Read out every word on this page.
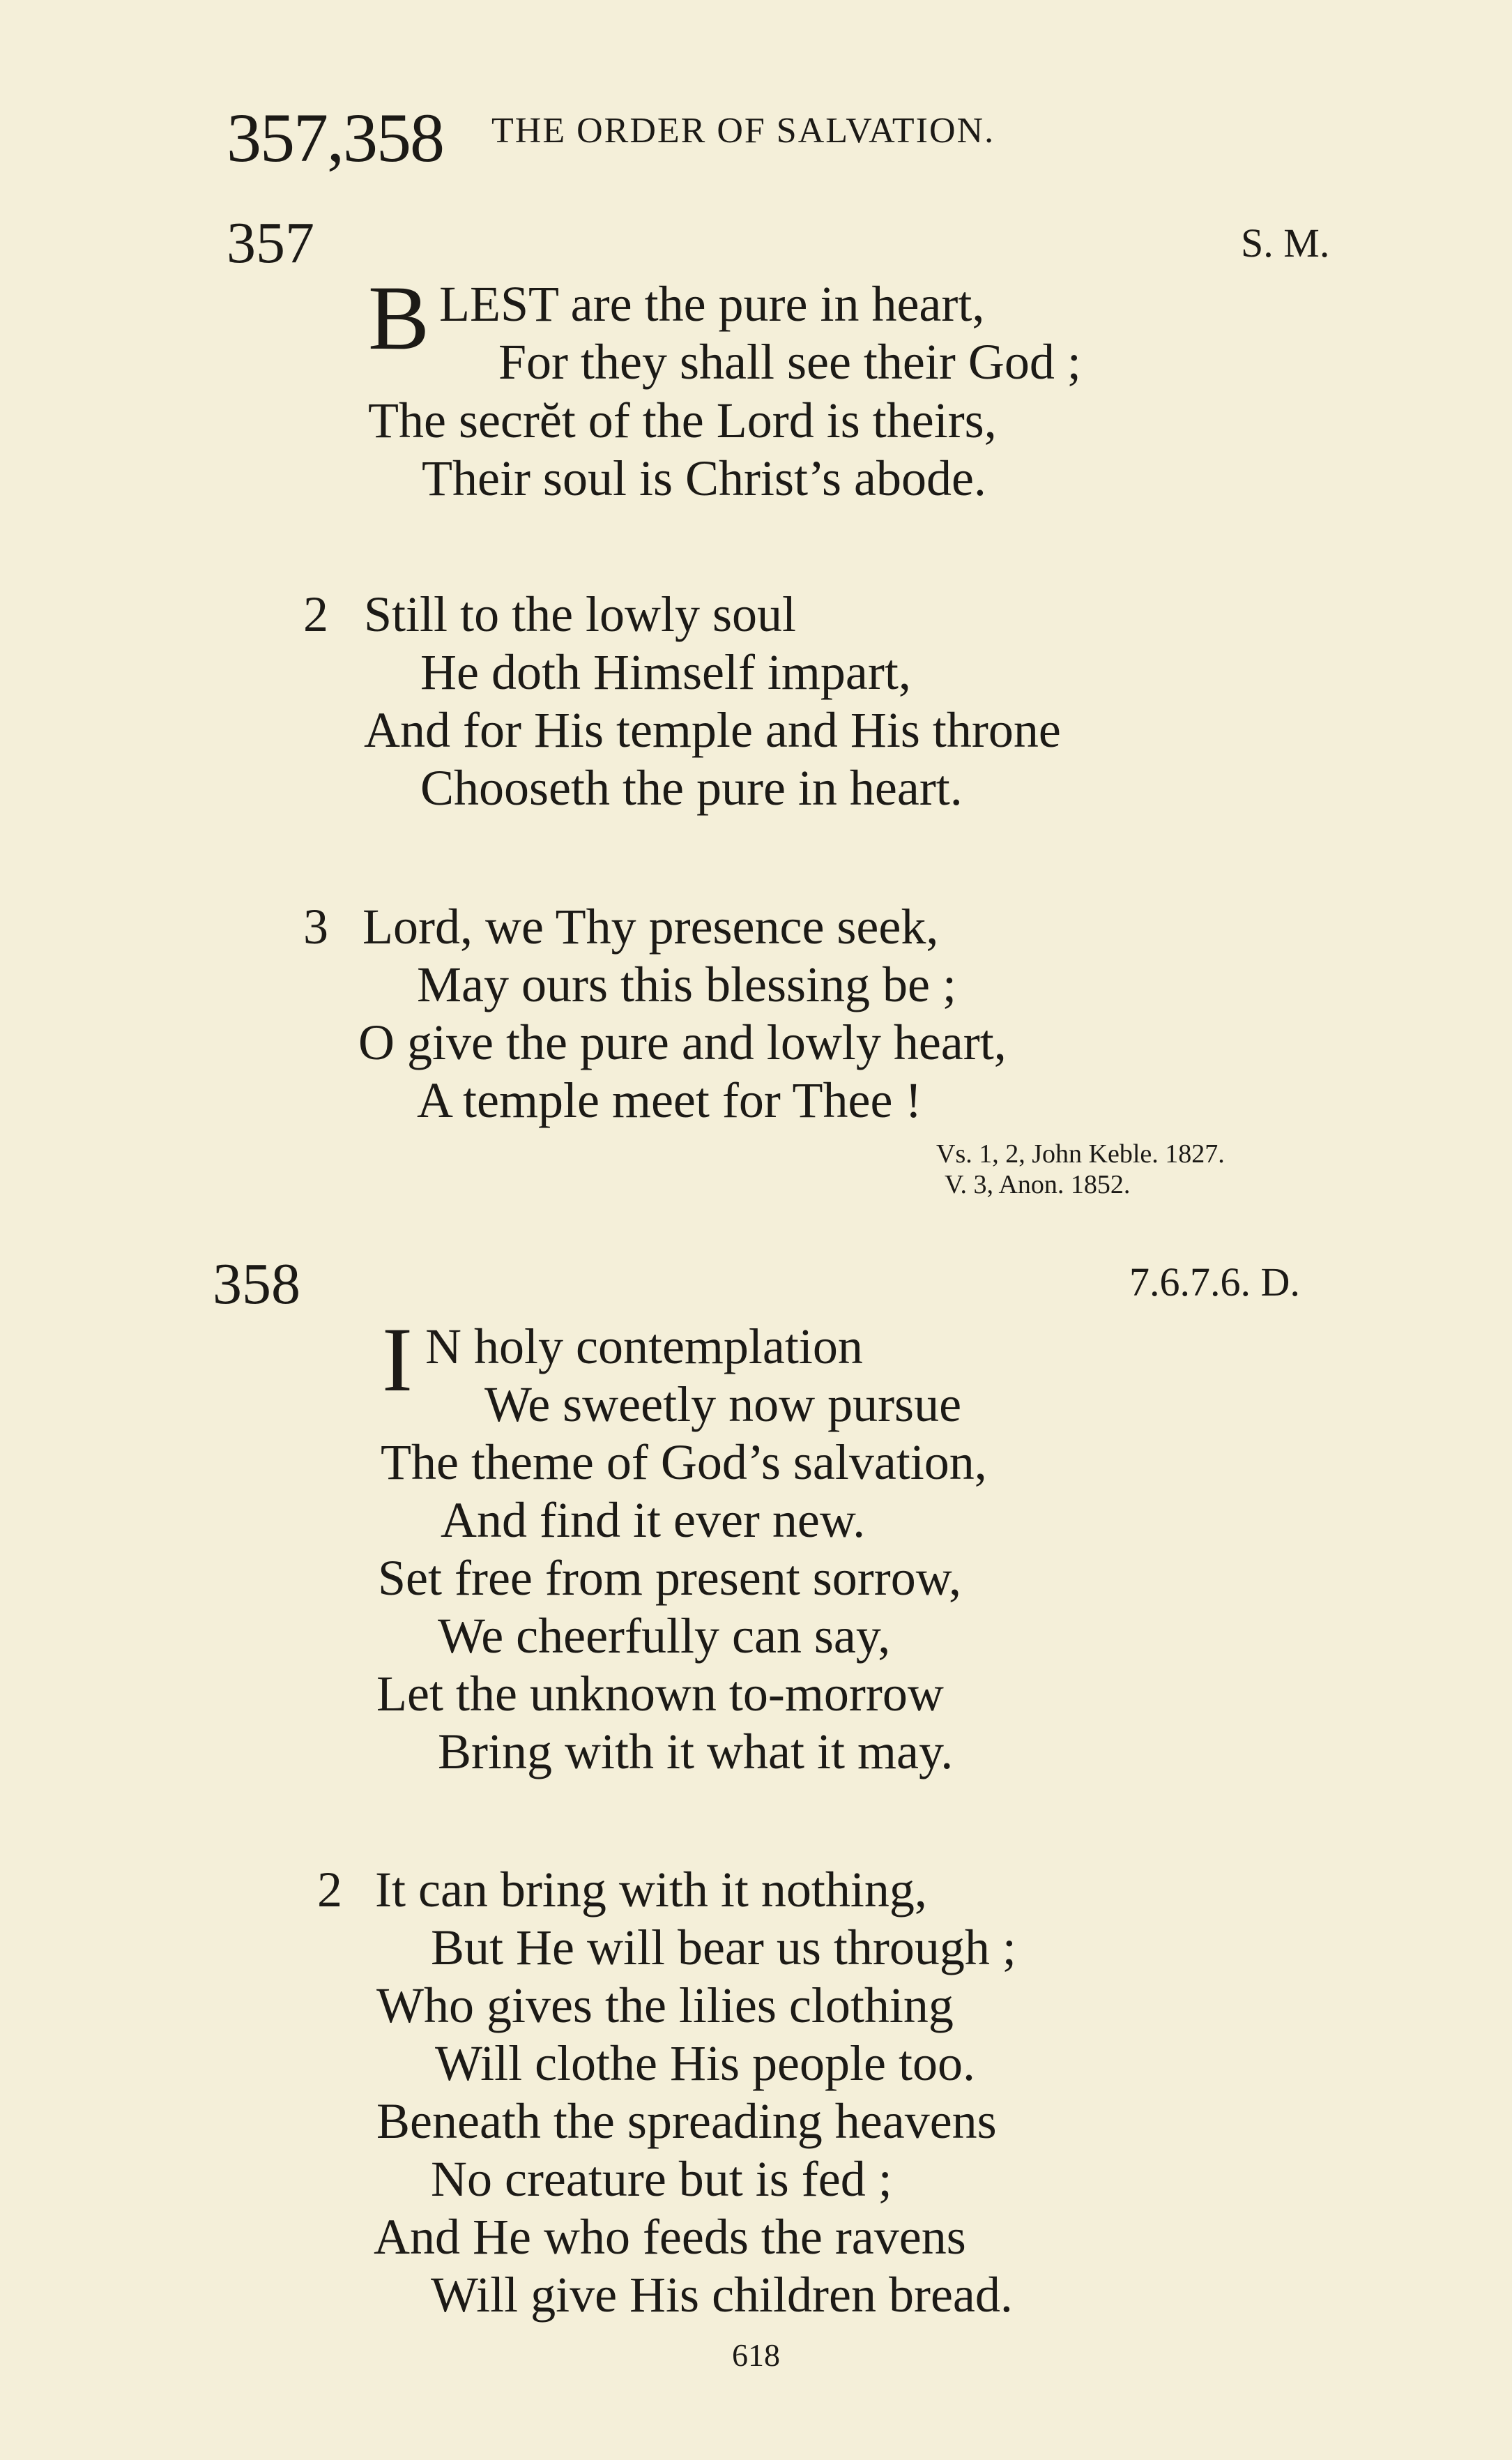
357,358 THE ORDER OF SALVATION.
357	S. M.
B LEST are the pure in heart,
For they shall see their God ;
The secrĕt of the Lord is theirs,
Their soul is Christ’s abode.
2 Still to the lowly soul
He doth Himself impart,
And for His temple and His throne
Chooseth the pure in heart.
3 Lord, we Thy presence seek,
May ours this blessing be ;
O give the pure and lowly heart,
A temple meet for Thee !
Vs. 1, 2, John Keble. 1827.
V. 3, Anon. 1852.
358	7.6.7.6. D.
I N holy contemplation
We sweetly now pursue
The theme of God’s salvation,
And find it ever new.
Set free from present sorrow,
We cheerfully can say,
Let the unknown to-morrow
Bring with it what it may.
2 It can bring with it nothing,
But He will bear us through ;
Who gives the lilies clothing
Will clothe His people too.
Beneath the spreading heavens
No creature but is fed ;
And He who feeds the ravens
Will give His children bread.
618
